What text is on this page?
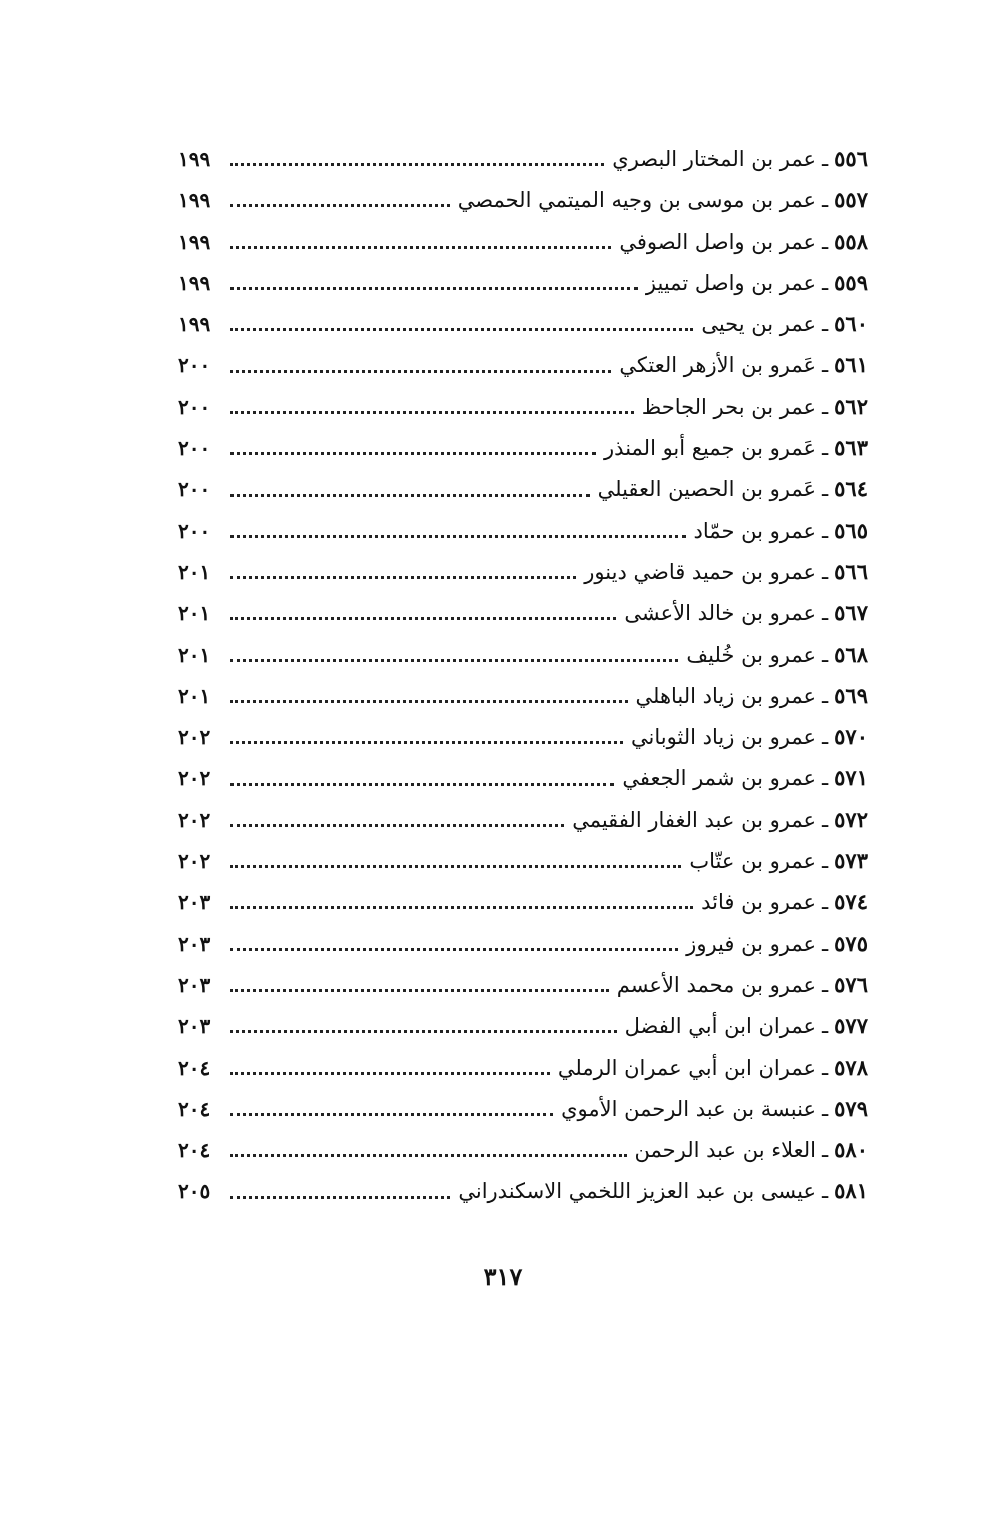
٥٥٦
ـ
عمر بن المختار البصري
١٩٩
٥٥٧
ـ
عمر بن موسى بن وجيه الميتمي الحمصي
١٩٩
٥٥٨
ـ
عمر بن واصل الصوفي
١٩٩
٥٥٩
ـ
عمر بن واصل تمييز
١٩٩
٥٦٠
ـ
عمر بن يحيى
١٩٩
٥٦١
ـ
عَمرو بن الأزهر العتكي
٢٠٠
٥٦٢
ـ
عمر بن بحر الجاحظ
٢٠٠
٥٦٣
ـ
عَمرو بن جميع أبو المنذر
٢٠٠
٥٦٤
ـ
عَمرو بن الحصين العقيلي
٢٠٠
٥٦٥
ـ
عمرو بن حمّاد
٢٠٠
٥٦٦
ـ
عمرو بن حميد قاضي دينور
٢٠١
٥٦٧
ـ
عمرو بن خالد الأعشى
٢٠١
٥٦٨
ـ
عمرو بن خُليف
٢٠١
٥٦٩
ـ
عمرو بن زياد الباهلي
٢٠١
٥٧٠
ـ
عمرو بن زياد الثوباني
٢٠٢
٥٧١
ـ
عمرو بن شمر الجعفي
٢٠٢
٥٧٢
ـ
عمرو بن عبد الغفار الفقيمي
٢٠٢
٥٧٣
ـ
عمرو بن عتّاب
٢٠٢
٥٧٤
ـ
عمرو بن فائد
٢٠٣
٥٧٥
ـ
عمرو بن فيروز
٢٠٣
٥٧٦
ـ
عمرو بن محمد الأعسم
٢٠٣
٥٧٧
ـ
عمران ابن أبي الفضل
٢٠٣
٥٧٨
ـ
عمران ابن أبي عمران الرملي
٢٠٤
٥٧٩
ـ
عنبسة بن عبد الرحمن الأموي
٢٠٤
٥٨٠
ـ
العلاء بن عبد الرحمن
٢٠٤
٥٨١
ـ
عيسى بن عبد العزيز اللخمي الاسكندراني
٢٠٥
٣١٧
